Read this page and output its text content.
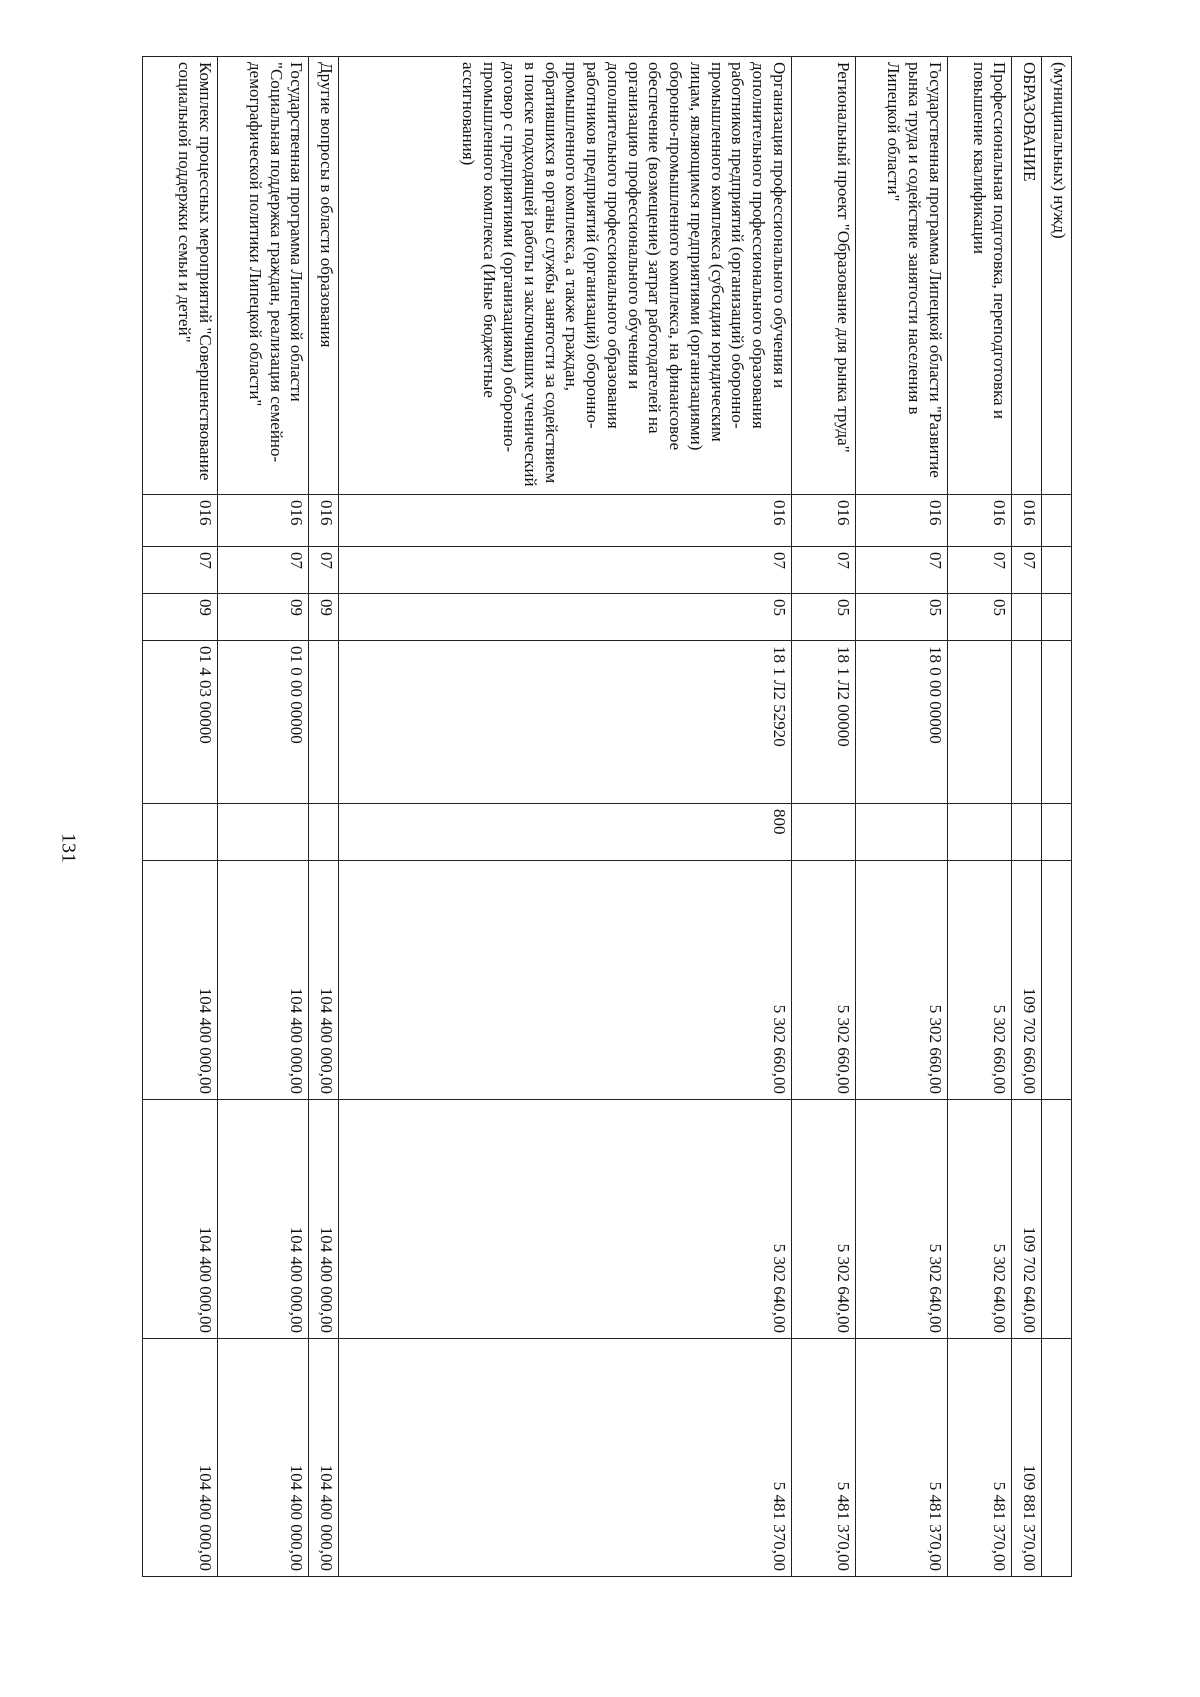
131
(муниципальных) нужд)								
ОБРАЗОВАНИЕ	016	07				109 702 660,00	109 702 640,00	109 881 370,00
Профессиональная подготовка, переподготовка и повышение квалификации	016	07	05			5 302 660,00	5 302 640,00	5 481 370,00
Государственная программа Липецкой области "Развитие рынка труда и содействие занятости населения в Липецкой области"	016	07	05	18 0 00 00000		5 302 660,00	5 302 640,00	5 481 370,00
Региональный проект "Образование для рынка труда"	016	07	05	18 1 Л2 00000		5 302 660,00	5 302 640,00	5 481 370,00
Организация профессионального обучения и дополнительного профессионального образования работников предприятий (организаций) оборонно-промышленного комплекса (субсидии юридическим лицам, являющимся предприятиями (организациями) оборонно-промышленного комплекса, на финансовое обеспечение (возмещение) затрат работодателей на организацию профессионального обучения и дополнительного профессионального образования работников предприятий (организаций) оборонно-промышленного комплекса, а также граждан, обратившихся в органы службы занятости за содействием в поиске подходящей работы и заключивших ученический договор с предприятиями (организациями) оборонно-промышленного комплекса (Иные бюджетные ассигнования)	016	07	05	18 1 Л2 52920	800	5 302 660,00	5 302 640,00	5 481 370,00
Другие вопросы в области образования	016	07	09			104 400 000,00	104 400 000,00	104 400 000,00
Государственная программа Липецкой области "Социальная поддержка граждан, реализация семейно-демографической политики Липецкой области"	016	07	09	01 0 00 00000		104 400 000,00	104 400 000,00	104 400 000,00
Комплекс процессных мероприятий "Совершенствование социальной поддержки семьи и детей"	016	07	09	01 4 03 00000		104 400 000,00	104 400 000,00	104 400 000,00
